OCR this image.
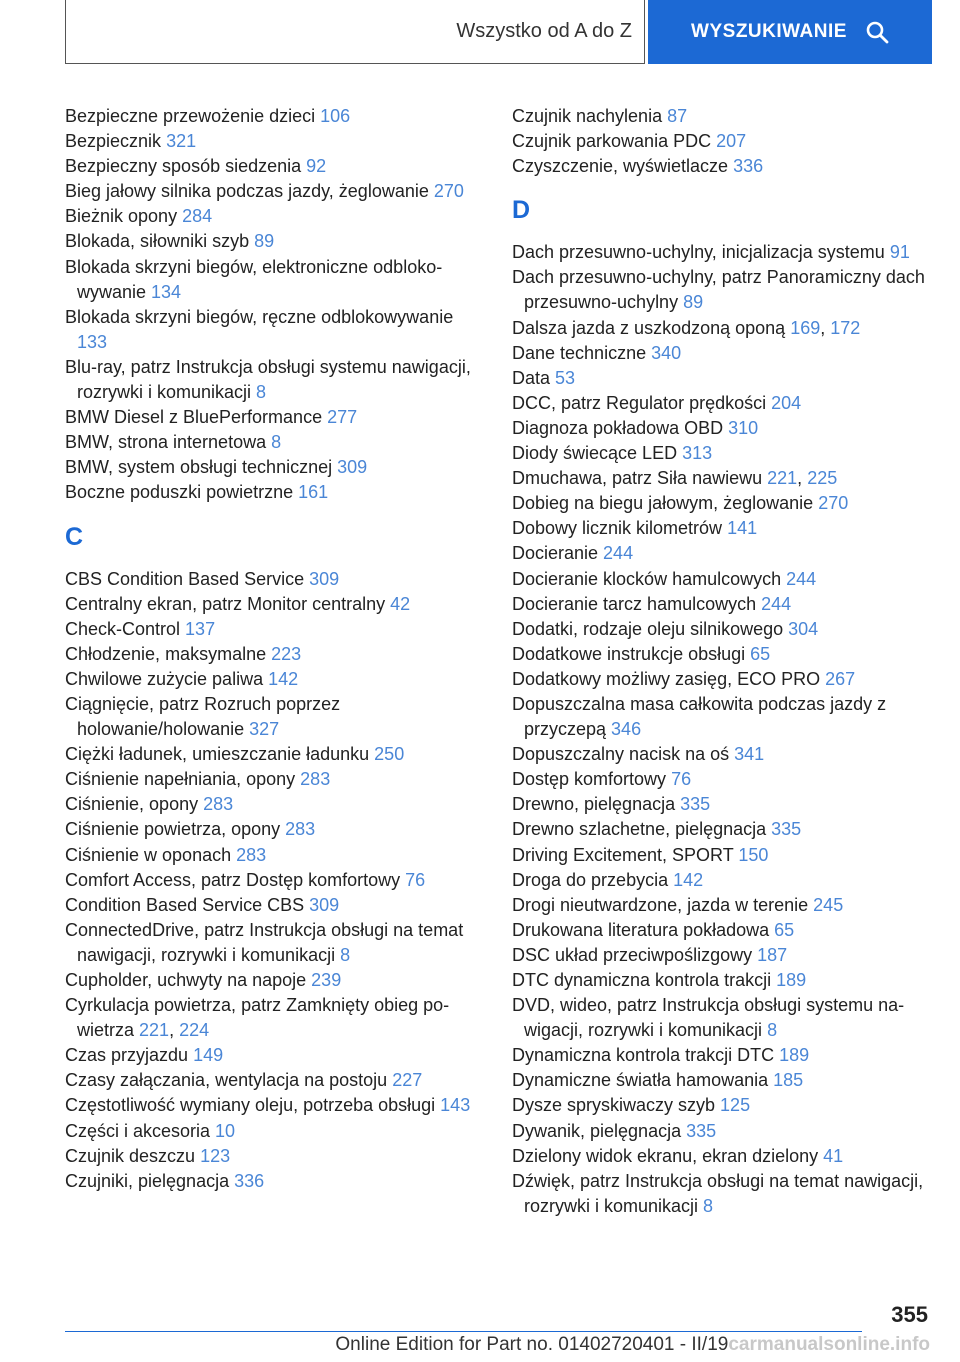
Wszystko od A do Z	WYSZUKIWANIE
Bezpieczne przewożenie dzieci 106
Bezpiecznik 321
Bezpieczny sposób siedzenia 92
Bieg jałowy silnika podczas jazdy, żeglowanie 270
Bieżnik opony 284
Blokada, siłowniki szyb 89
Blokada skrzyni biegów, elektroniczne odblokowywanie 134
Blokada skrzyni biegów, ręczne odblokowywanie 133
Blu-ray, patrz Instrukcja obsługi systemu nawigacji, rozrywki i komunikacji 8
BMW Diesel z BluePerformance 277
BMW, strona internetowa 8
BMW, system obsługi technicznej 309
Boczne poduszki powietrzne 161
C
CBS Condition Based Service 309
Centralny ekran, patrz Monitor centralny 42
Check-Control 137
Chłodzenie, maksymalne 223
Chwilowe zużycie paliwa 142
Ciągnięcie, patrz Rozruch poprzez holowanie/holowanie 327
Ciężki ładunek, umieszczanie ładunku 250
Ciśnienie napełniania, opony 283
Ciśnienie, opony 283
Ciśnienie powietrza, opony 283
Ciśnienie w oponach 283
Comfort Access, patrz Dostęp komfortowy 76
Condition Based Service CBS 309
ConnectedDrive, patrz Instrukcja obsługi na temat nawigacji, rozrywki i komunikacji 8
Cupholder, uchwyty na napoje 239
Cyrkulacja powietrza, patrz Zamknięty obieg powietrza 221, 224
Czas przyjazdu 149
Czasy załączania, wentylacja na postoju 227
Częstotliwość wymiany oleju, potrzeba obsługi 143
Części i akcesoria 10
Czujnik deszczu 123
Czujniki, pielęgnacja 336
Czujnik nachylenia 87
Czujnik parkowania PDC 207
Czyszczenie, wyświetlacze 336
D
Dach przesuwno-uchylny, inicjalizacja systemu 91
Dach przesuwno-uchylny, patrz Panoramiczny dach przesuwno-uchylny 89
Dalsza jazda z uszkodzoną oponą 169, 172
Dane techniczne 340
Data 53
DCC, patrz Regulator prędkości 204
Diagnoza pokładowa OBD 310
Diody świecące LED 313
Dmuchawa, patrz Siła nawiewu 221, 225
Dobieg na biegu jałowym, żeglowanie 270
Dobowy licznik kilometrów 141
Docieranie 244
Docieranie klocków hamulcowych 244
Docieranie tarcz hamulcowych 244
Dodatki, rodzaje oleju silnikowego 304
Dodatkowe instrukcje obsługi 65
Dodatkowy możliwy zasięg, ECO PRO 267
Dopuszczalna masa całkowita podczas jazdy z przyczepą 346
Dopuszczalny nacisk na oś 341
Dostęp komfortowy 76
Drewno, pielęgnacja 335
Drewno szlachetne, pielęgnacja 335
Driving Excitement, SPORT 150
Droga do przebycia 142
Drogi nieutwardzone, jazda w terenie 245
Drukowana literatura pokładowa 65
DSC układ przeciwpoślizgowy 187
DTC dynamiczna kontrola trakcji 189
DVD, wideo, patrz Instrukcja obsługi systemu nawigacji, rozrywki i komunikacji 8
Dynamiczna kontrola trakcji DTC 189
Dynamiczne światła hamowania 185
Dysze spryskiwaczy szyb 125
Dywanik, pielęgnacja 335
Dzielony widok ekranu, ekran dzielony 41
Dźwięk, patrz Instrukcja obsługi na temat nawigacji, rozrywki i komunikacji 8
355
Online Edition for Part no. 01402720401 - II/19carmanualsonline.info
